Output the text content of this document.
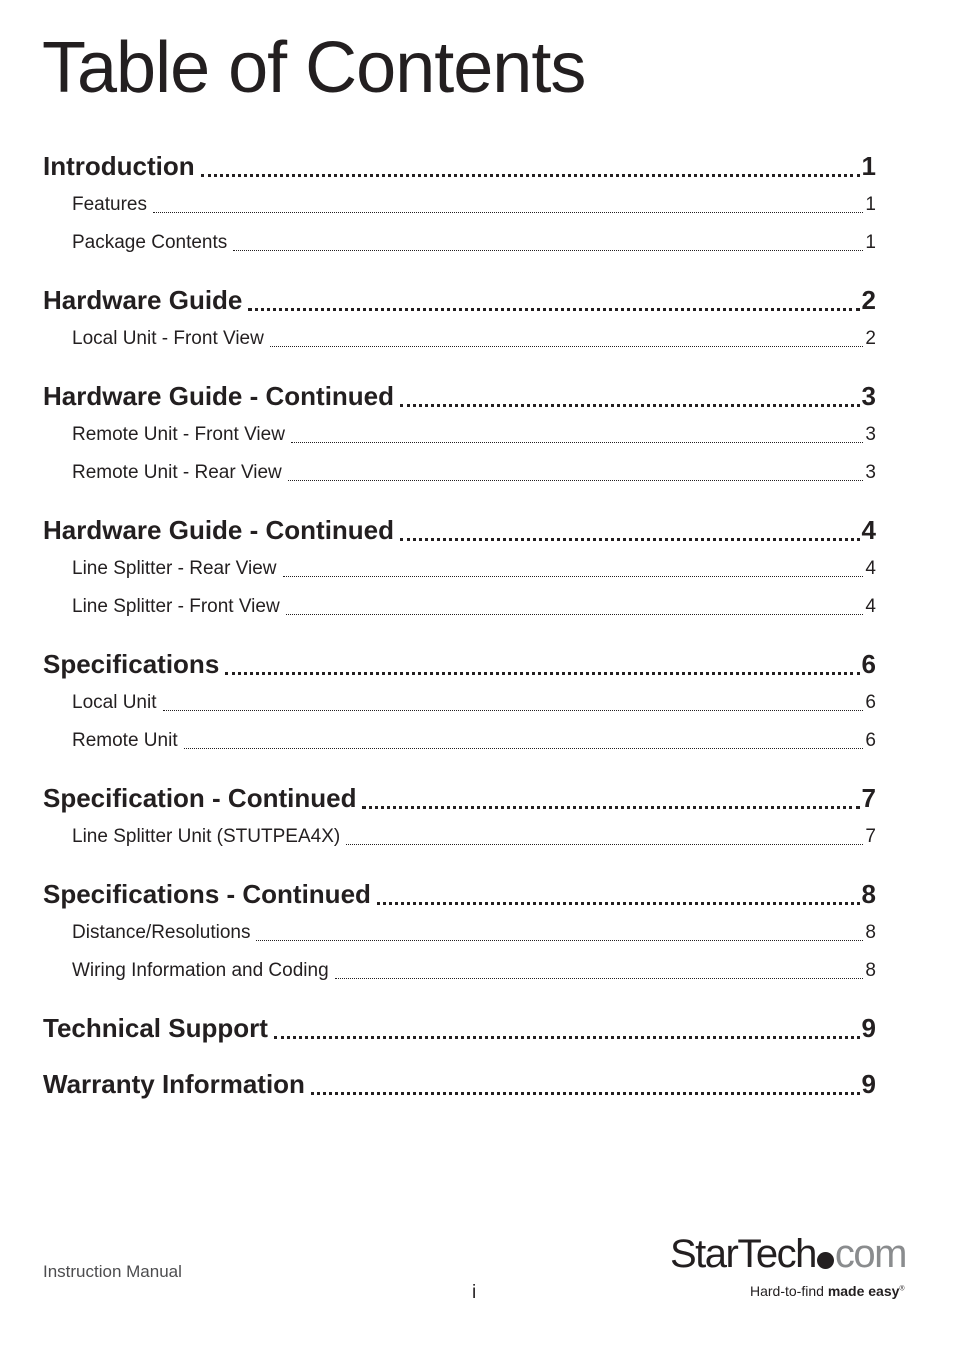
Table of Contents
Introduction	1
Features	1
Package Contents	1
Hardware Guide	2
Local Unit - Front View	2
Hardware Guide - Continued	3
Remote Unit - Front View	3
Remote Unit - Rear View	3
Hardware Guide - Continued	4
Line Splitter - Rear View	4
Line Splitter - Front View	4
Specifications	6
Local Unit	6
Remote Unit	6
Specification - Continued	7
Line Splitter Unit (STUTPEA4X)	7
Specifications - Continued	8
Distance/Resolutions	8
Wiring Information and Coding	8
Technical Support	9
Warranty Information	9
Instruction Manual
i
StarTech com
Hard-to-find made easy®
